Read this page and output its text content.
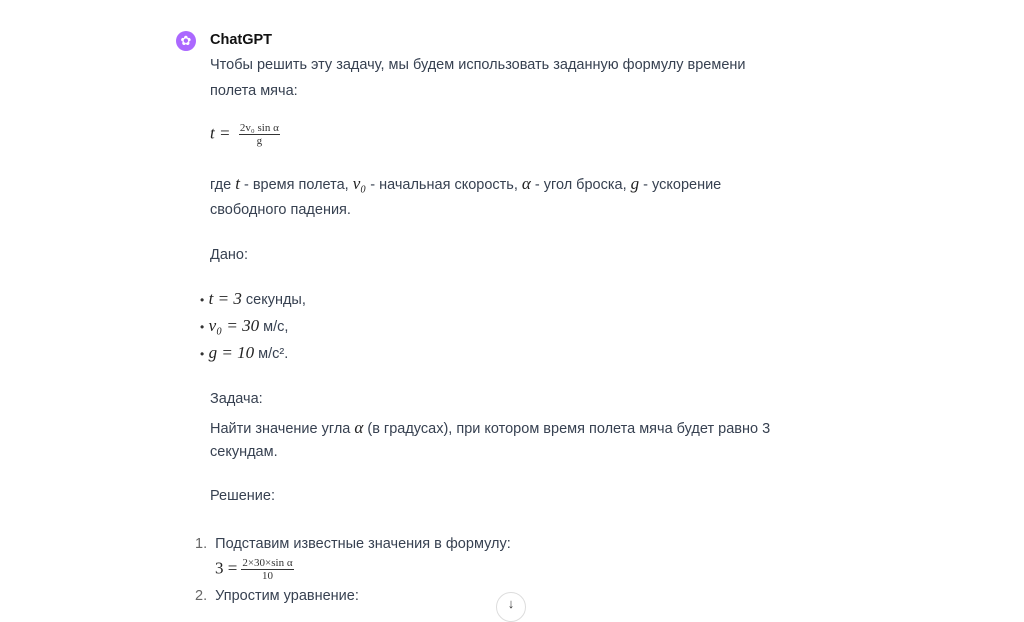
✿ ChatGPT
Чтобы решить эту задачу, мы будем использовать заданную формулу времени
полета мяча:
$t = \frac{\text{2v₀ sin α}}{g}$
где t - время полета, v₀ - начальная скорость, α - угол броска, g - ускорение
свободного падения.
Дано:
• t = 3 секунды,
• v₀ = 30 м/с,
• g = 10 м/с².
Задача:
Найти значение угла α (в градусах), при котором время полета мяча будет равно 3
секундам.
Решение:
1. Подставим известные значения в формулу:
$3 = \frac{\text{2×30×sin α}}{10}$
2. Упростим уравнение:	↓
